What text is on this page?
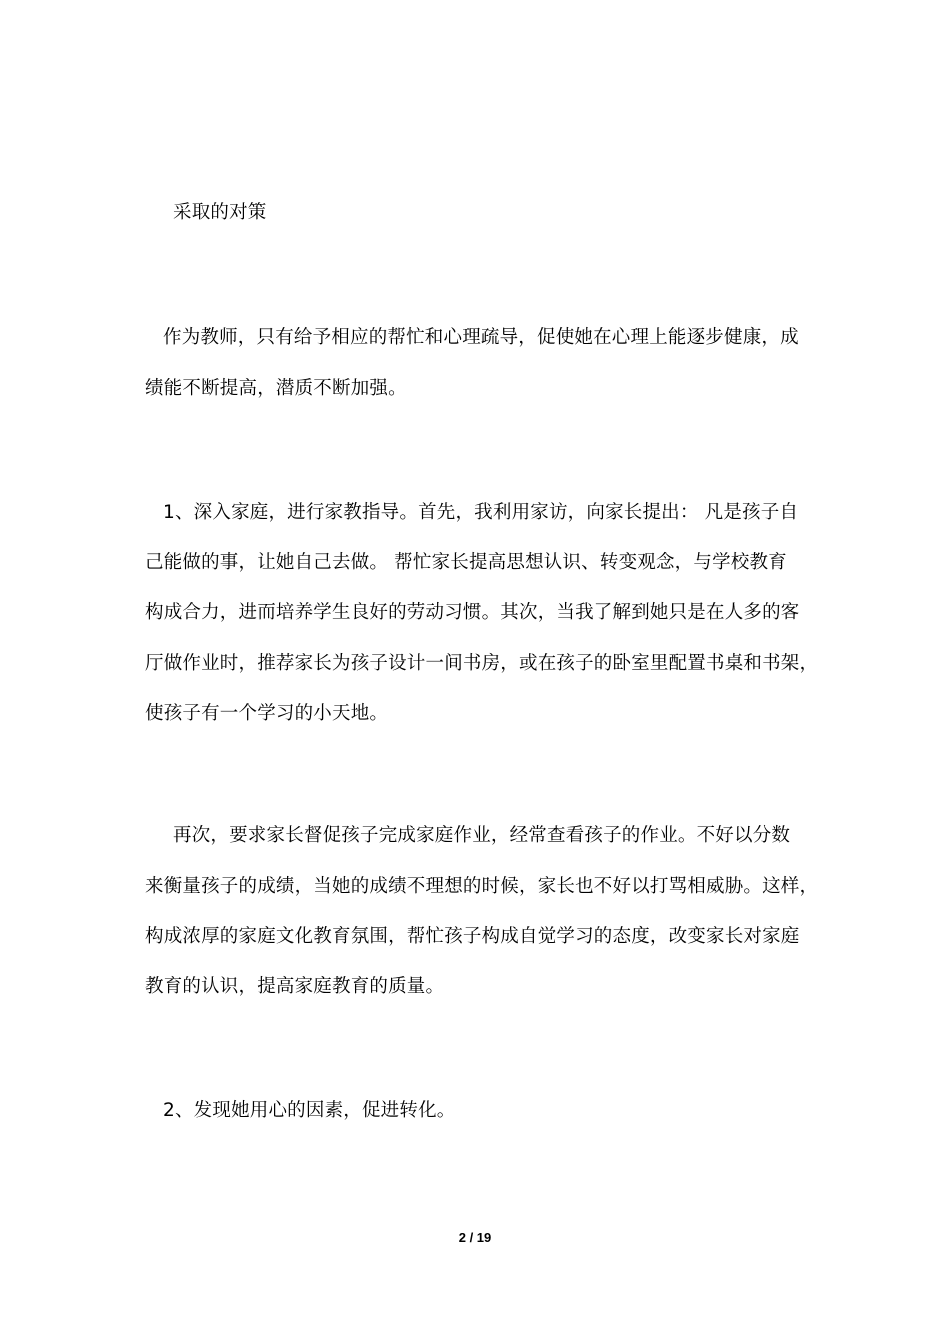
采取的对策
作为教师，只有给予相应的帮忙和心理疏导，促使她在心理上能逐步健康，成
绩能不断提高，潜质不断加强。
1、深入家庭，进行家教指导。首先，我利用家访，向家长提出： 凡是孩子自
己能做的事，让她自己去做。 帮忙家长提高思想认识、转变观念，与学校教育
构成合力，进而培养学生良好的劳动习惯。其次，当我了解到她只是在人多的客
厅做作业时，推荐家长为孩子设计一间书房，或在孩子的卧室里配置书桌和书架，
使孩子有一个学习的小天地。
再次，要求家长督促孩子完成家庭作业，经常查看孩子的作业。不好以分数
来衡量孩子的成绩，当她的成绩不理想的时候，家长也不好以打骂相威胁。这样，
构成浓厚的家庭文化教育氛围，帮忙孩子构成自觉学习的态度，改变家长对家庭
教育的认识，提高家庭教育的质量。
2、发现她用心的因素，促进转化。
2 / 19
